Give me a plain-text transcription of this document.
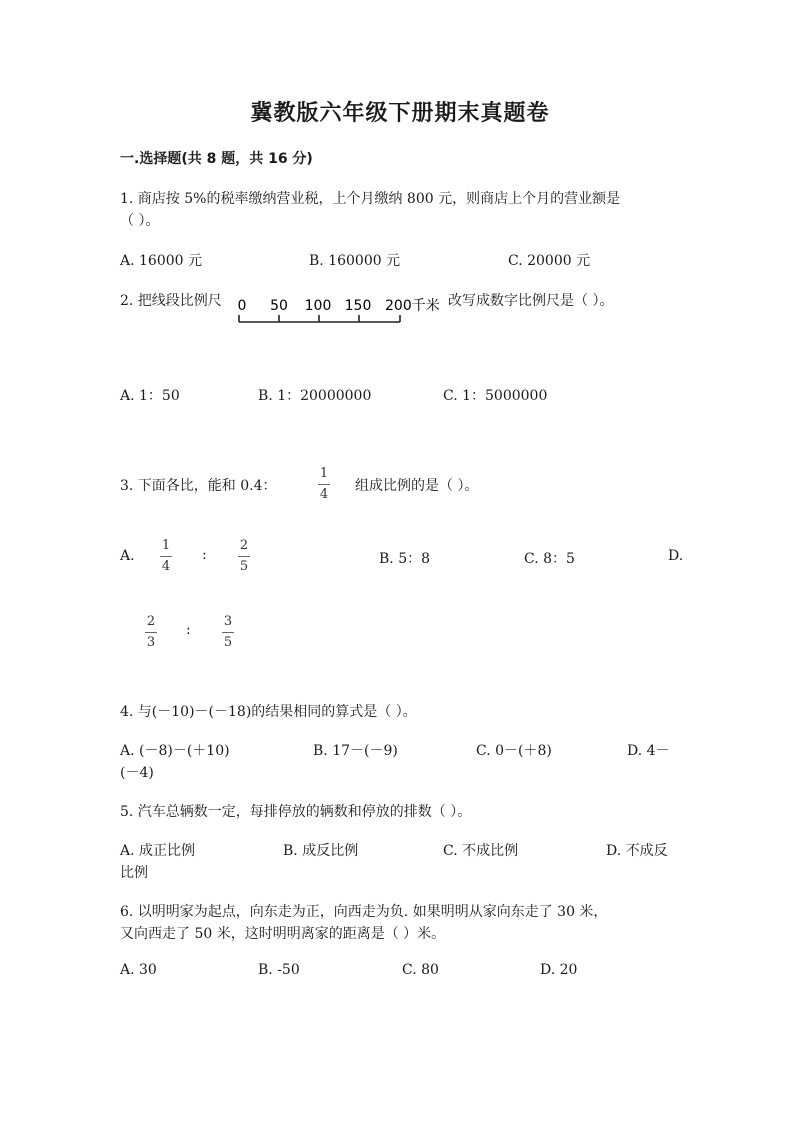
冀教版六年级下册期末真题卷
一.选择题(共 8 题，共 16 分)
1. 商店按 5%的税率缴纳营业税，上个月缴纳 800 元，则商店上个月的营业额是
（ ）。
A. 16000 元	B. 160000 元	C. 20000 元
2. 把线段比例尺 0 50 100 150 200千米 改写成数字比例尺是（ ）。
A. 1：50	B. 1：20000000	C. 1：5000000
3. 下面各比，能和 0.4：
1
4
组成比例的是（ ）。
A.
1
4
:
2
5	B. 5：8	C. 8：5	D.
2
3
:
3
5
4. 与(－10)－(－18)的结果相同的算式是（ ）。
A. (－8)－(＋10)	B. 17－(－9)	C. 0－(＋8)	D. 4－
(－4)
5. 汽车总辆数一定，每排停放的辆数和停放的排数（ ）。
A. 成正比例	B. 成反比例	C. 不成比例	D. 不成反
比例
6. 以明明家为起点，向东走为正，向西走为负. 如果明明从家向东走了 30 米，
又向西走了 50 米，这时明明离家的距离是（ ）米。
A. 30	B. -50	C. 80	D. 20
